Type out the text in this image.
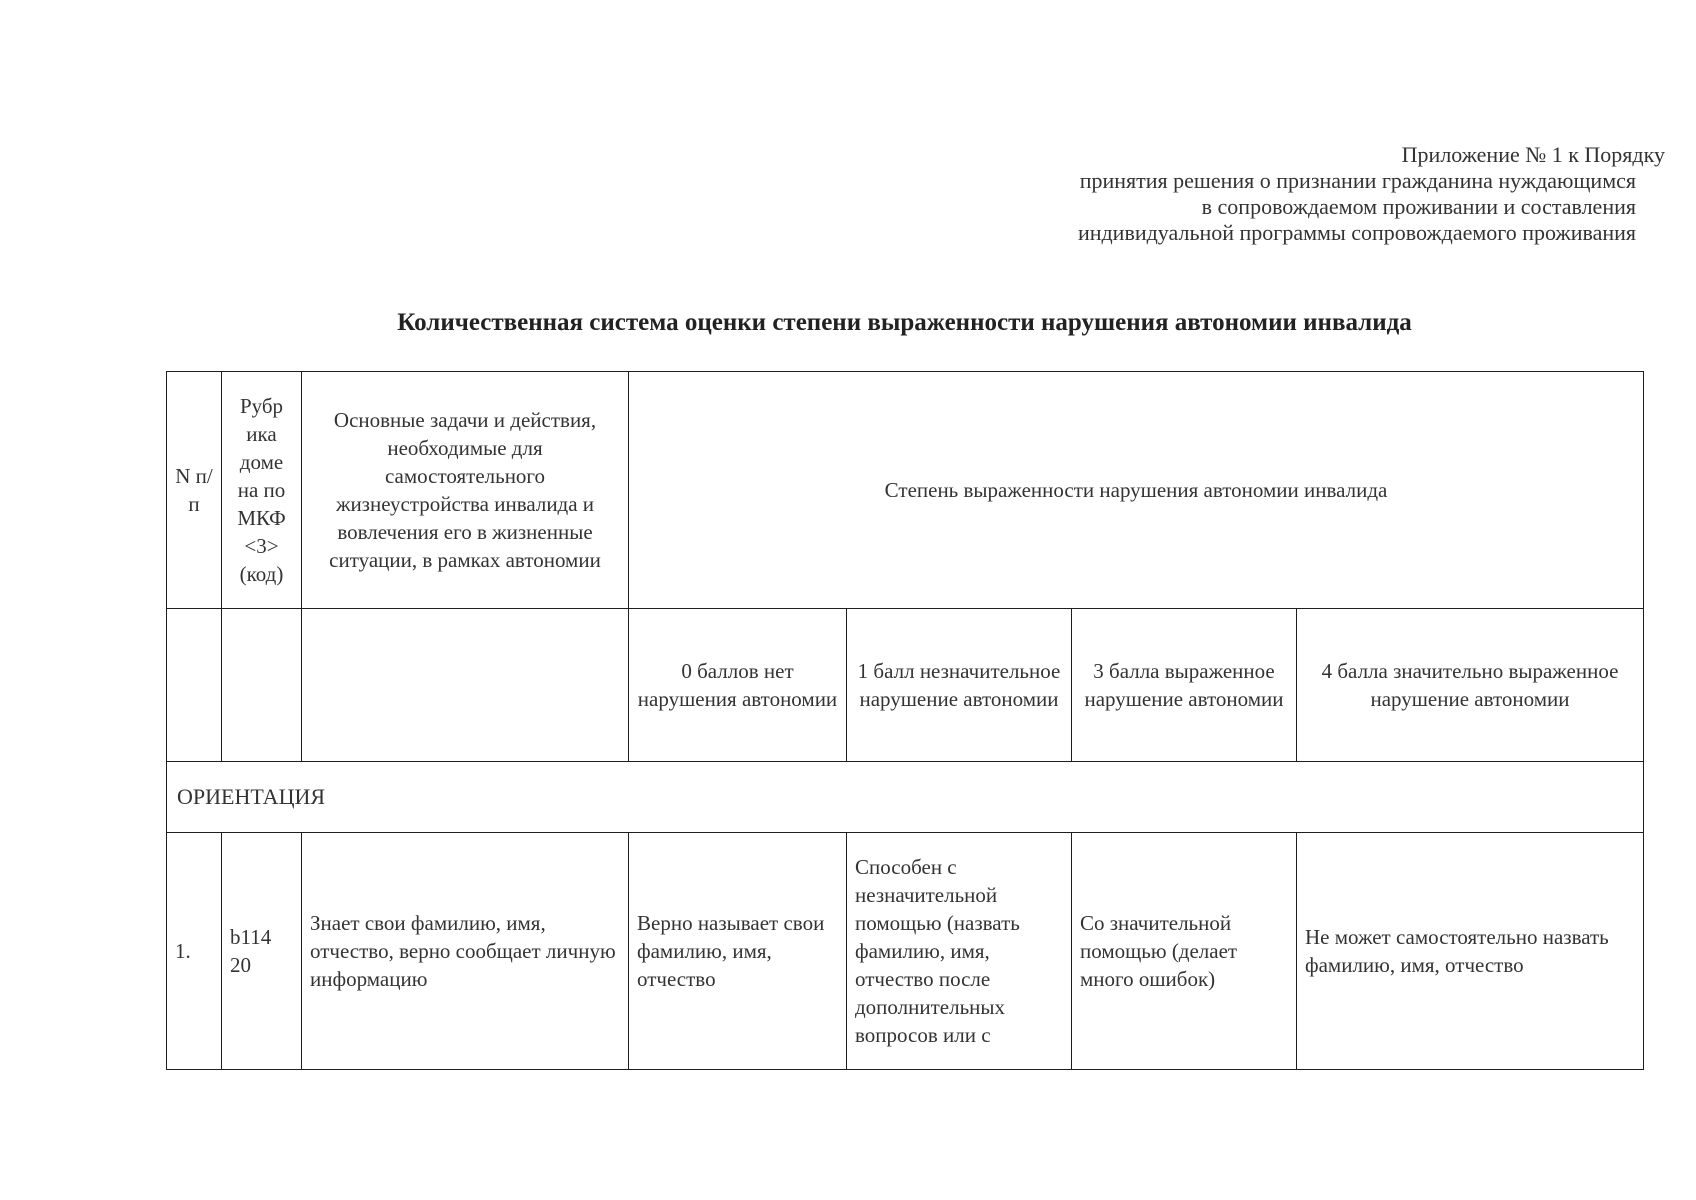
Приложение № 1 к Порядку
принятия решения о признании гражданина нуждающимся
в сопровождаемом проживании и составления
индивидуальной программы сопровождаемого проживания
Количественная система оценки степени выраженности нарушения автономии инвалида
N п/п	Рубр ика доме на по МКФ <3> (код)	Основные задачи и действия, необходимые для самостоятельного жизнеустройства инвалида и вовлечения его в жизненные ситуации, в рамках автономии	Степень выраженности нарушения автономии инвалида			
			0 баллов нет нарушения автономии	1 балл незначительное нарушение автономии	3 балла выраженное нарушение автономии	4 балла значительно выраженное нарушение автономии
ОРИЕНТАЦИЯ						
1.	b114 20	Знает свои фамилию, имя, отчество, верно сообщает личную информацию	Верно называет свои фамилию, имя, отчество	Способен с незначительной помощью (назвать фамилию, имя, отчество после дополнительных вопросов или с	Со значительной помощью (делает много ошибок)	Не может самостоятельно назвать фамилию, имя, отчество
